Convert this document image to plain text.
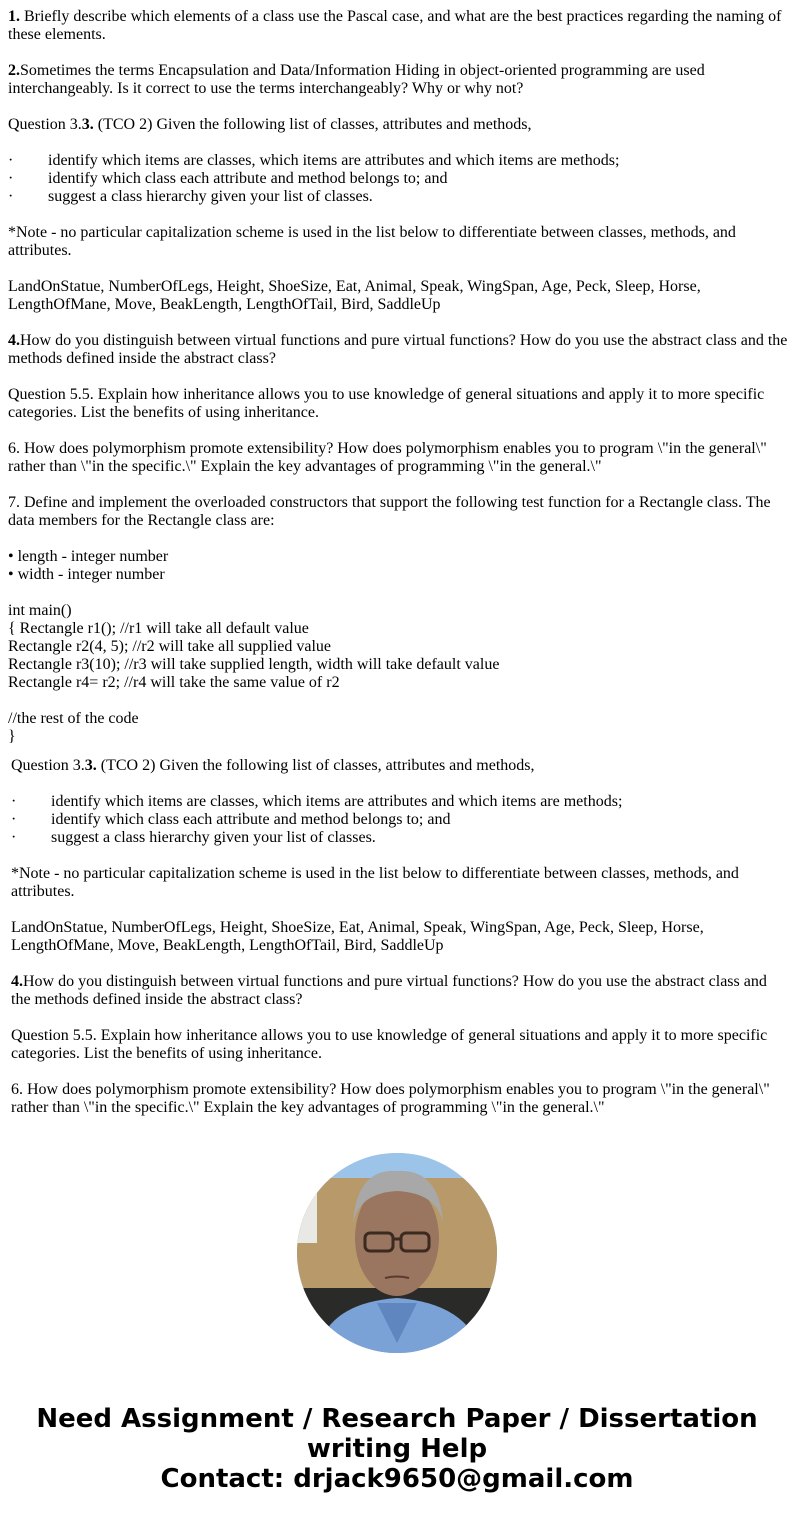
1. Briefly describe which elements of a class use the Pascal case, and what are the best practices regarding the naming of these elements.

2.Sometimes the terms Encapsulation and Data/Information Hiding in object-oriented programming are used interchangeably. Is it correct to use the terms interchangeably? Why or why not?

Question 3.3. (TCO 2) Given the following list of classes, attributes and methods,

·	identify which items are classes, which items are attributes and which items are methods;
·	identify which class each attribute and method belongs to; and
·	suggest a class hierarchy given your list of classes.

*Note - no particular capitalization scheme is used in the list below to differentiate between classes, methods, and attributes.

LandOnStatue, NumberOfLegs, Height, ShoeSize, Eat, Animal, Speak, WingSpan, Age, Peck, Sleep, Horse, LengthOfMane, Move, BeakLength, LengthOfTail, Bird, SaddleUp

4.How do you distinguish between virtual functions and pure virtual functions? How do you use the abstract class and the methods defined inside the abstract class?

Question 5.5. Explain how inheritance allows you to use knowledge of general situations and apply it to more specific categories. List the benefits of using inheritance.

6. How does polymorphism promote extensibility? How does polymorphism enables you to program \"in the general\" rather than \"in the specific.\" Explain the key advantages of programming \"in the general.\"

7. Define and implement the overloaded constructors that support the following test function for a Rectangle class. The data members for the Rectangle class are:

• length - integer number
• width - integer number

int main()

{ Rectangle r1(); //r1 will take all default value

Rectangle r2(4, 5); //r2 will take all supplied value

Rectangle r3(10); //r3 will take supplied length, width will take default value

Rectangle r4= r2; //r4 will take the same value of r2

//the rest of the code

}

Question 3.3. (TCO 2) Given the following list of classes, attributes and methods,

·	identify which items are classes, which items are attributes and which items are methods;
·	identify which class each attribute and method belongs to; and
·	suggest a class hierarchy given your list of classes.

*Note - no particular capitalization scheme is used in the list below to differentiate between classes, methods, and attributes.

LandOnStatue, NumberOfLegs, Height, ShoeSize, Eat, Animal, Speak, WingSpan, Age, Peck, Sleep, Horse, LengthOfMane, Move, BeakLength, LengthOfTail, Bird, SaddleUp

4.How do you distinguish between virtual functions and pure virtual functions? How do you use the abstract class and the methods defined inside the abstract class?

Question 5.5. Explain how inheritance allows you to use knowledge of general situations and apply it to more specific categories. List the benefits of using inheritance.

6. How does polymorphism promote extensibility? How does polymorphism enables you to program \"in the general\" rather than \"in the specific.\" Explain the key advantages of programming \"in the general.\"

Need Assignment / Research Paper / Dissertation writing Help
Contact: drjack9650@gmail.com
